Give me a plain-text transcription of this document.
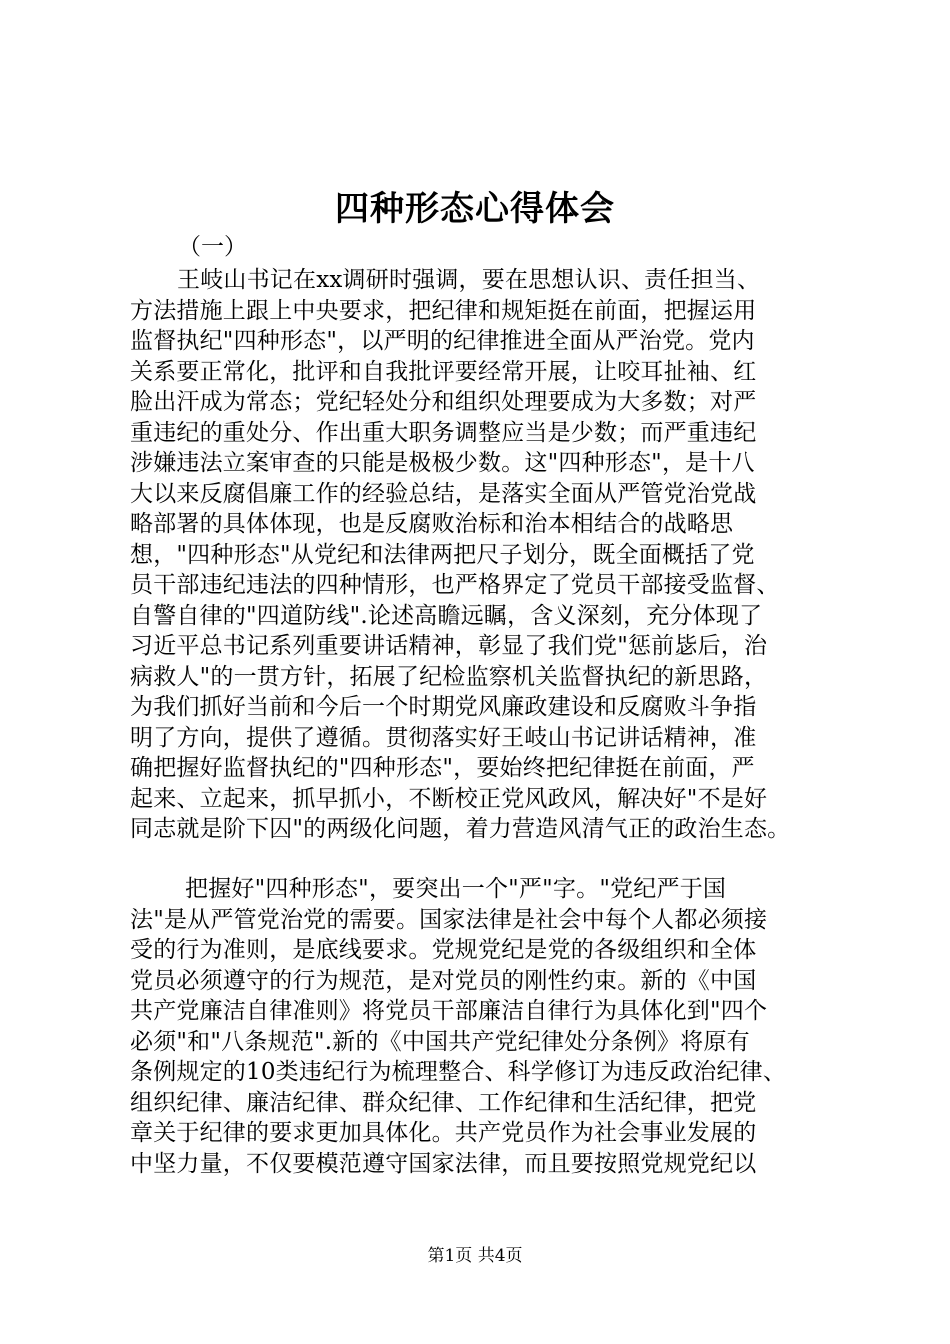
四种形态心得体会
（一）
王岐山书记在xx调研时强调，要在思想认识、责任担当、
方法措施上跟上中央要求，把纪律和规矩挺在前面，把握运用
监督执纪"四种形态"，以严明的纪律推进全面从严治党。党内
关系要正常化，批评和自我批评要经常开展，让咬耳扯袖、红
脸出汗成为常态；党纪轻处分和组织处理要成为大多数；对严
重违纪的重处分、作出重大职务调整应当是少数；而严重违纪
涉嫌违法立案审查的只能是极极少数。这"四种形态"，是十八
大以来反腐倡廉工作的经验总结，是落实全面从严管党治党战
略部署的具体体现，也是反腐败治标和治本相结合的战略思
想，"四种形态"从党纪和法律两把尺子划分，既全面概括了党
员干部违纪违法的四种情形，也严格界定了党员干部接受监督、
自警自律的"四道防线".论述高瞻远瞩，含义深刻，充分体现了
习近平总书记系列重要讲话精神，彰显了我们党"惩前毖后，治
病救人"的一贯方针，拓展了纪检监察机关监督执纪的新思路，
为我们抓好当前和今后一个时期党风廉政建设和反腐败斗争指
明了方向，提供了遵循。贯彻落实好王岐山书记讲话精神，准
确把握好监督执纪的"四种形态"，要始终把纪律挺在前面，严
起来、立起来，抓早抓小，不断校正党风政风，解决好"不是好
同志就是阶下囚"的两级化问题，着力营造风清气正的政治生态。
把握好"四种形态"，要突出一个"严"字。"党纪严于国
法"是从严管党治党的需要。国家法律是社会中每个人都必须接
受的行为准则，是底线要求。党规党纪是党的各级组织和全体
党员必须遵守的行为规范，是对党员的刚性约束。新的《中国
共产党廉洁自律准则》将党员干部廉洁自律行为具体化到"四个
必须"和"八条规范".新的《中国共产党纪律处分条例》将原有
条例规定的10类违纪行为梳理整合、科学修订为违反政治纪律、
组织纪律、廉洁纪律、群众纪律、工作纪律和生活纪律，把党
章关于纪律的要求更加具体化。共产党员作为社会事业发展的
中坚力量，不仅要模范遵守国家法律，而且要按照党规党纪以
第1页 共4页
